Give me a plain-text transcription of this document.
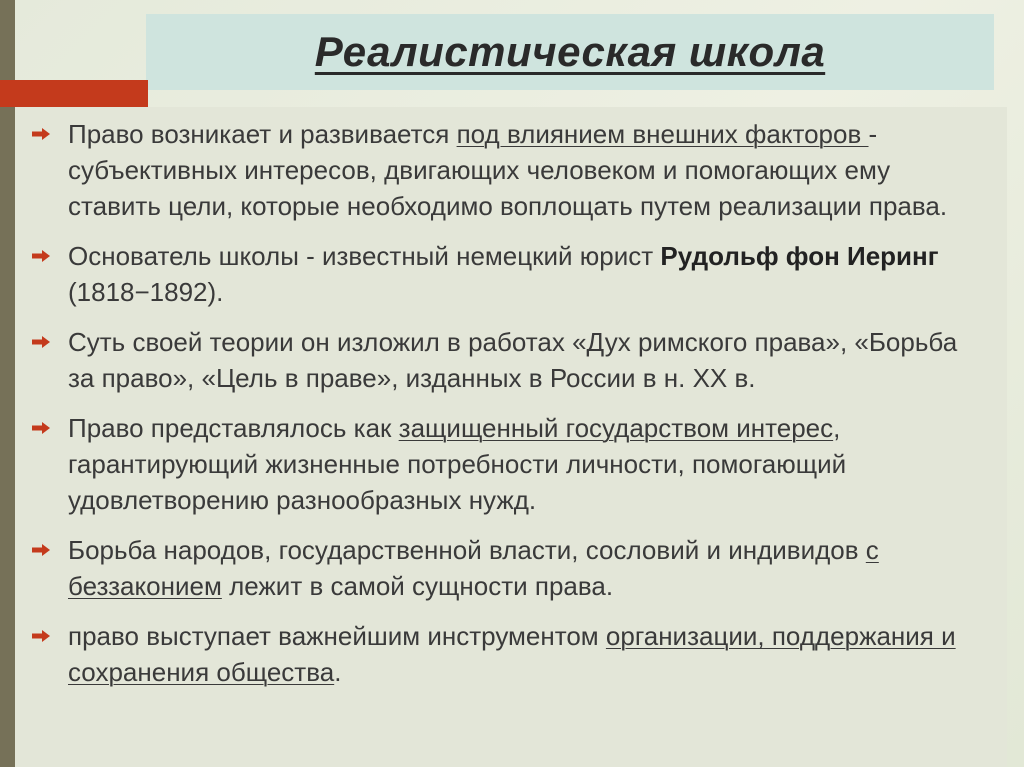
Реалистическая школа
Право возникает и развивается под влиянием внешних факторов - субъективных интересов, двигающих человеком и помогающих ему ставить цели, которые необходимо воплощать путем реализации права.
Основатель школы - известный немецкий юрист Рудольф фон Иеринг (1818−1892).
Суть своей теории он изложил в работах «Дух римского права», «Борьба за право», «Цель в праве», изданных в России в н. XX в.
Право представлялось как защищенный государством интерес, гарантирующий жизненные потребности личности, помогающий удовлетворению разнообразных нужд.
Борьба народов, государственной власти, сословий и индивидов с беззаконием лежит в самой сущности права.
право выступает важнейшим инструментом организации, поддержания и сохранения общества.
